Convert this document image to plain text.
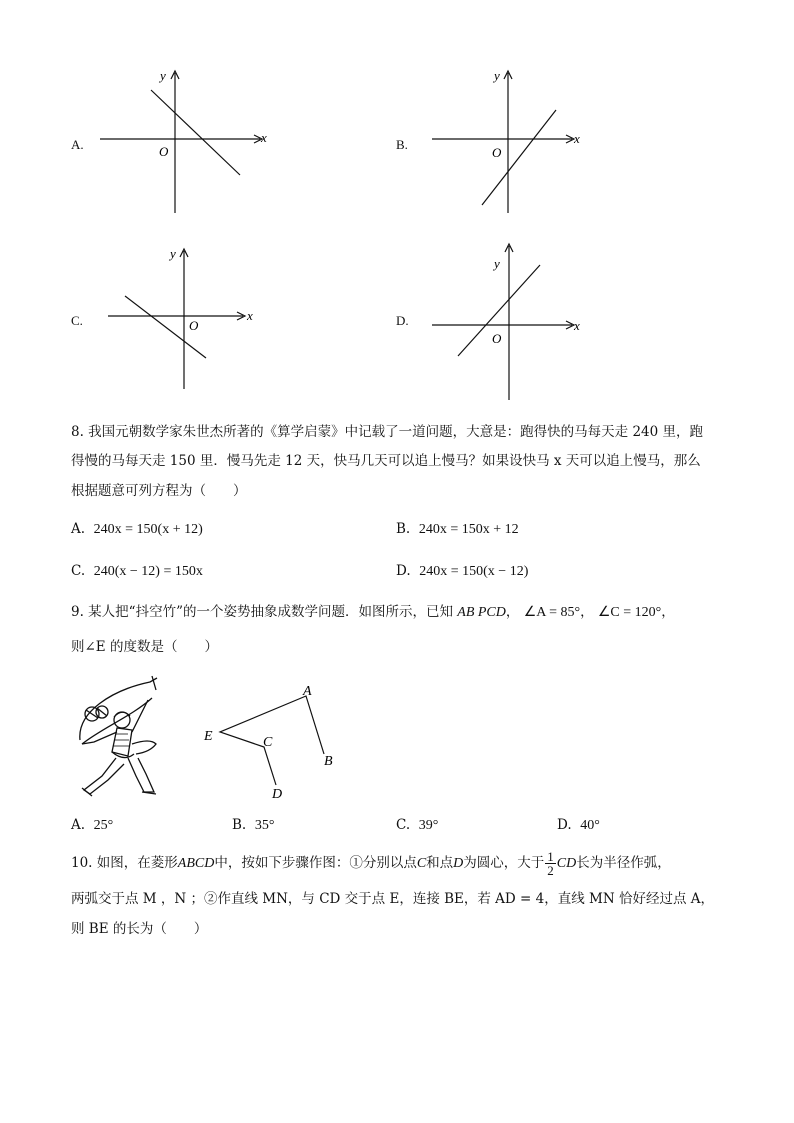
A.	x
y
O	B.	x
y
O
C.	x
y
O	D.	x
y
O
8. 我国元朝数学家朱世杰所著的《算学启蒙》中记载了一道问题，大意是：跑得快的马每天走 240 里，跑
得慢的马每天走 150 里．慢马先走 12 天，快马几天可以追上慢马？如果设快马 x 天可以追上慢马，那么
根据题意可列方程为（　　）
A. 240x = 150(x + 12)	B. 240x = 150x + 12
C. 240(x − 12) = 150x	D. 240x = 150(x − 12)
9. 某人把“抖空竹”的一个姿势抽象成数学问题．如图所示，已知 AB PCD， ∠A = 85°， ∠C = 120°，
则∠E 的度数是（　　）
A
B
C
D
E
A. 25°	B. 35°	C. 39°	D. 40°
10. 如图，在菱形ABCD中，按如下步骤作图：①分别以点C和点D为圆心，大于 $\frac{1}{2}$ CD长为半径作弧，
两弧交于点 M ，N ；②作直线 MN，与 CD 交于点 E，连接 BE，若 AD = 4，直线 MN 恰好经过点 A，
则 BE 的长为（　　）
